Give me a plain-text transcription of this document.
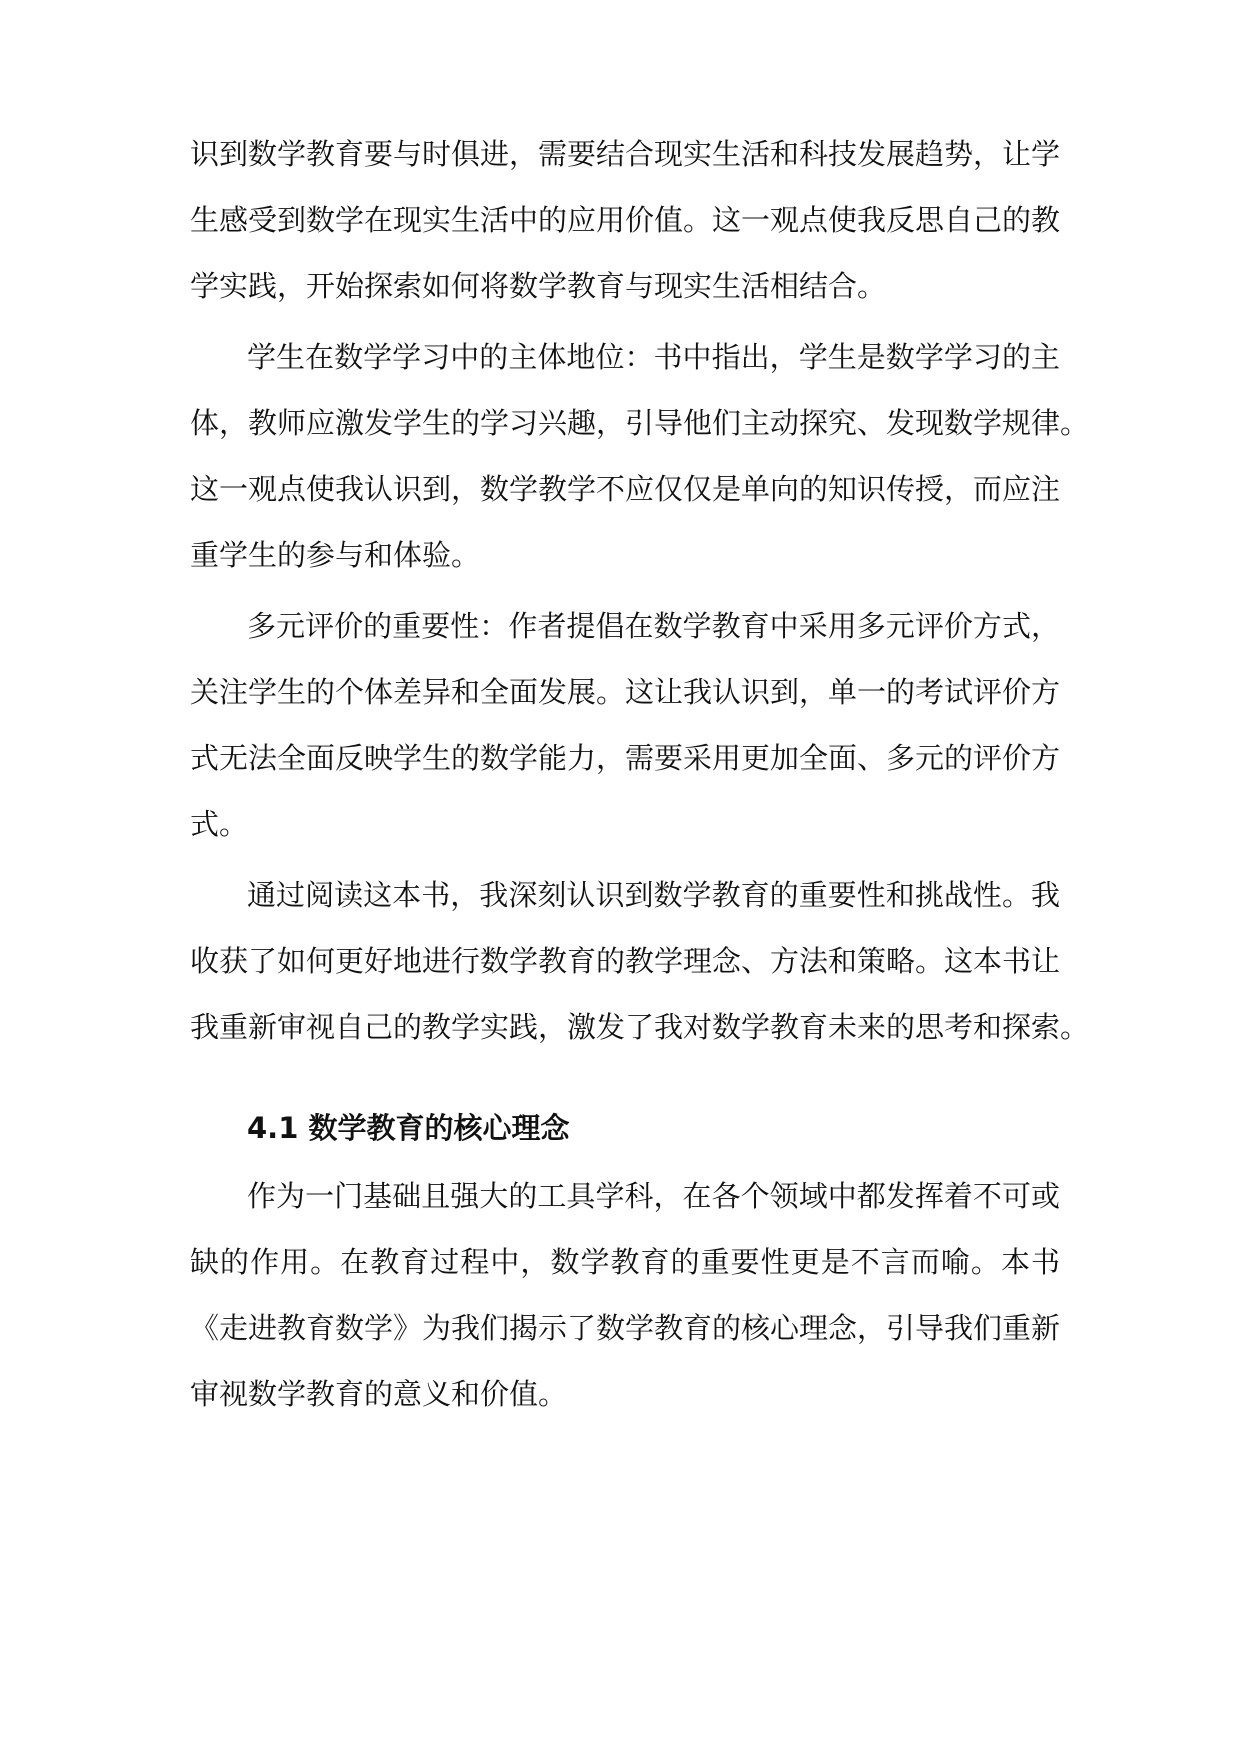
识到数学教育要与时俱进，需要结合现实生活和科技发展趋势，让学
生感受到数学在现实生活中的应用价值。这一观点使我反思自己的教
学实践，开始探索如何将数学教育与现实生活相结合。
学生在数学学习中的主体地位：书中指出，学生是数学学习的主
体，教师应激发学生的学习兴趣，引导他们主动探究、发现数学规律。
这一观点使我认识到，数学教学不应仅仅是单向的知识传授，而应注
重学生的参与和体验。
多元评价的重要性：作者提倡在数学教育中采用多元评价方式，
关注学生的个体差异和全面发展。这让我认识到，单一的考试评价方
式无法全面反映学生的数学能力，需要采用更加全面、多元的评价方
式。
通过阅读这本书，我深刻认识到数学教育的重要性和挑战性。我
收获了如何更好地进行数学教育的教学理念、方法和策略。这本书让
我重新审视自己的教学实践，激发了我对数学教育未来的思考和探索。
4.1 数学教育的核心理念
作为一门基础且强大的工具学科，在各个领域中都发挥着不可或
缺的作用。在教育过程中，数学教育的重要性更是不言而喻。本书
《走进教育数学》为我们揭示了数学教育的核心理念，引导我们重新
审视数学教育的意义和价值。
